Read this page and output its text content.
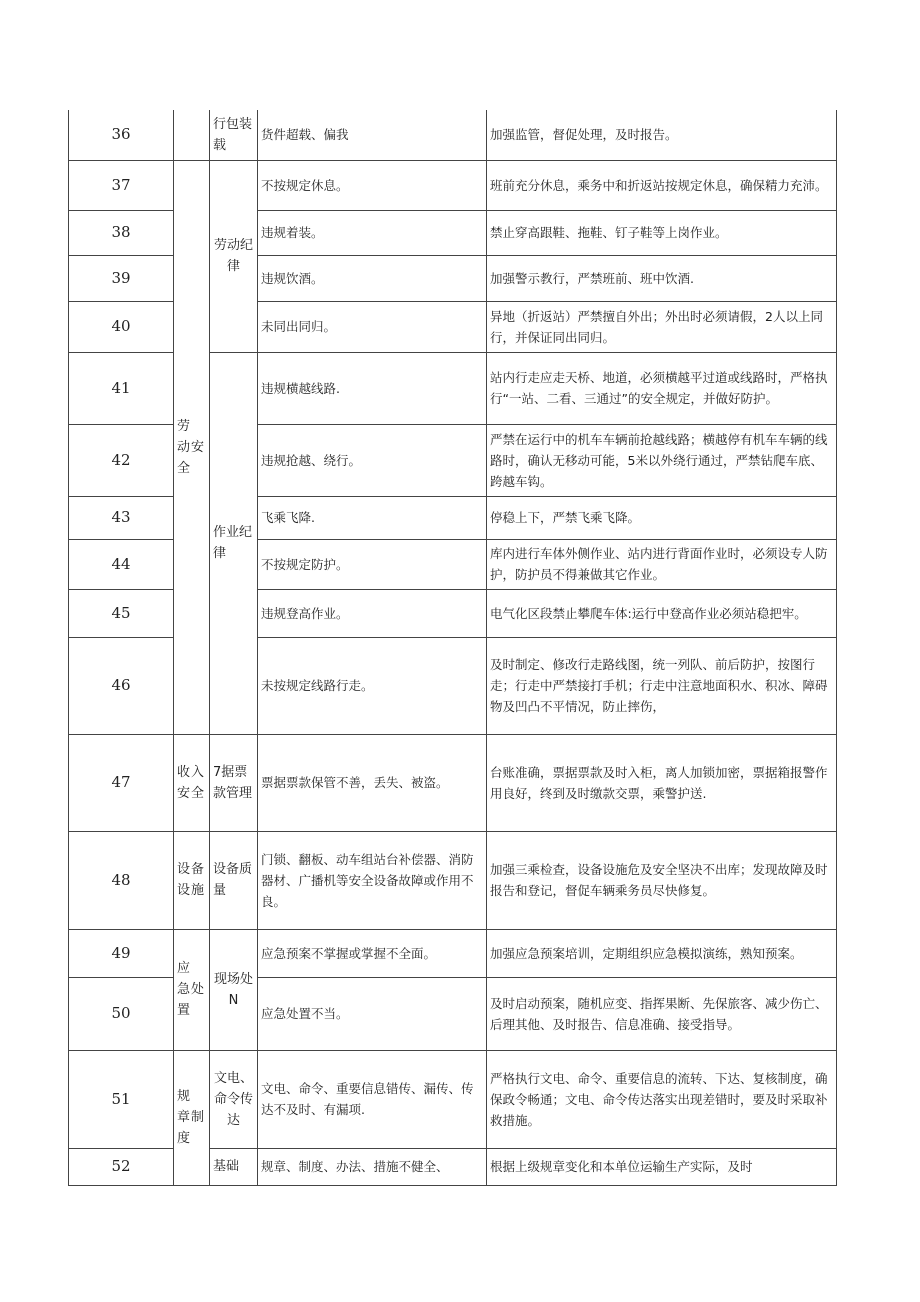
36		行包装载	货件超载、偏我	加强监管，督促处理，及时报告。
37	劳 动安全	劳动纪律	不按规定休息。	班前充分休息，乘务中和折返站按规定休息，确保精力充沛。
38			违规着装。	禁止穿高跟鞋、拖鞋、钉子鞋等上岗作业。
39			违规饮酒。	加强警示教行，严禁班前、班中饮酒.
40			未同出同归。	异地（折返站）严禁擅自外出；外出时必须请假，2人以上同行，并保证同出同归。
41		作业纪律	违规横越线路.	站内行走应走天桥、地道，必须横越平过道或线路时，严格执行“一站、二看、三通过”的安全规定，并做好防护。
42			违规抢越、绕行。	严禁在运行中的机车车辆前抢越线路；横越停有机车车辆的线路时，确认无移动可能，5米以外绕行通过，严禁钻爬车底、跨越车钩。
43			飞乘飞降.	停稳上下，严禁飞乘飞降。
44			不按规定防护。	库内进行车体外侧作业、站内进行背面作业时，必须设专人防护，防护员不得兼做其它作业。
45			违规登高作业。	电气化区段禁止攀爬车体:运行中登高作业必须站稳把牢。
46			未按规定线路行走。	及时制定、修改行走路线图，统一列队、前后防护，按图行走；行走中严禁接打手机；行走中注意地面积水、积冰、障碍物及凹凸不平情况，防止摔伤，
47	收入安全	7据票款管理	票据票款保管不善，丢失、被盗。	台账准确，票据票款及时入柜，离人加锁加密，票据箱报警作用良好，终到及时缴款交票，乘警护送.
48	设备设施	设备质量	门锁、翻板、动车组站台补偿器、消防器材、广播机等安全设备故障或作用不良。	加强三乘检查，设备设施危及安全坚决不出库；发现故障及时报告和登记，督促车辆乘务员尽快修复。
49	应 急处置	现场处N	应急预案不掌握或掌握不全面。	加强应急预案培训，定期组织应急模拟演练，熟知预案。
50			应急处置不当。	及时启动预案，随机应变、指挥果断、先保旅客、减少伤亡、后理其他、及时报告、信息准确、接受指导。
51	规 章制度	文电、命令传达	文电、命令、重要信息错传、漏传、传达不及时、有漏项.	严格执行文电、命令、重要信息的流转、下达、复核制度，确保政令畅通；文电、命令传达落实出现差错时，要及时采取补救措施。
52		基础	规章、制度、办法、措施不健全、	根据上级规章变化和本单位运输生产实际，及时
